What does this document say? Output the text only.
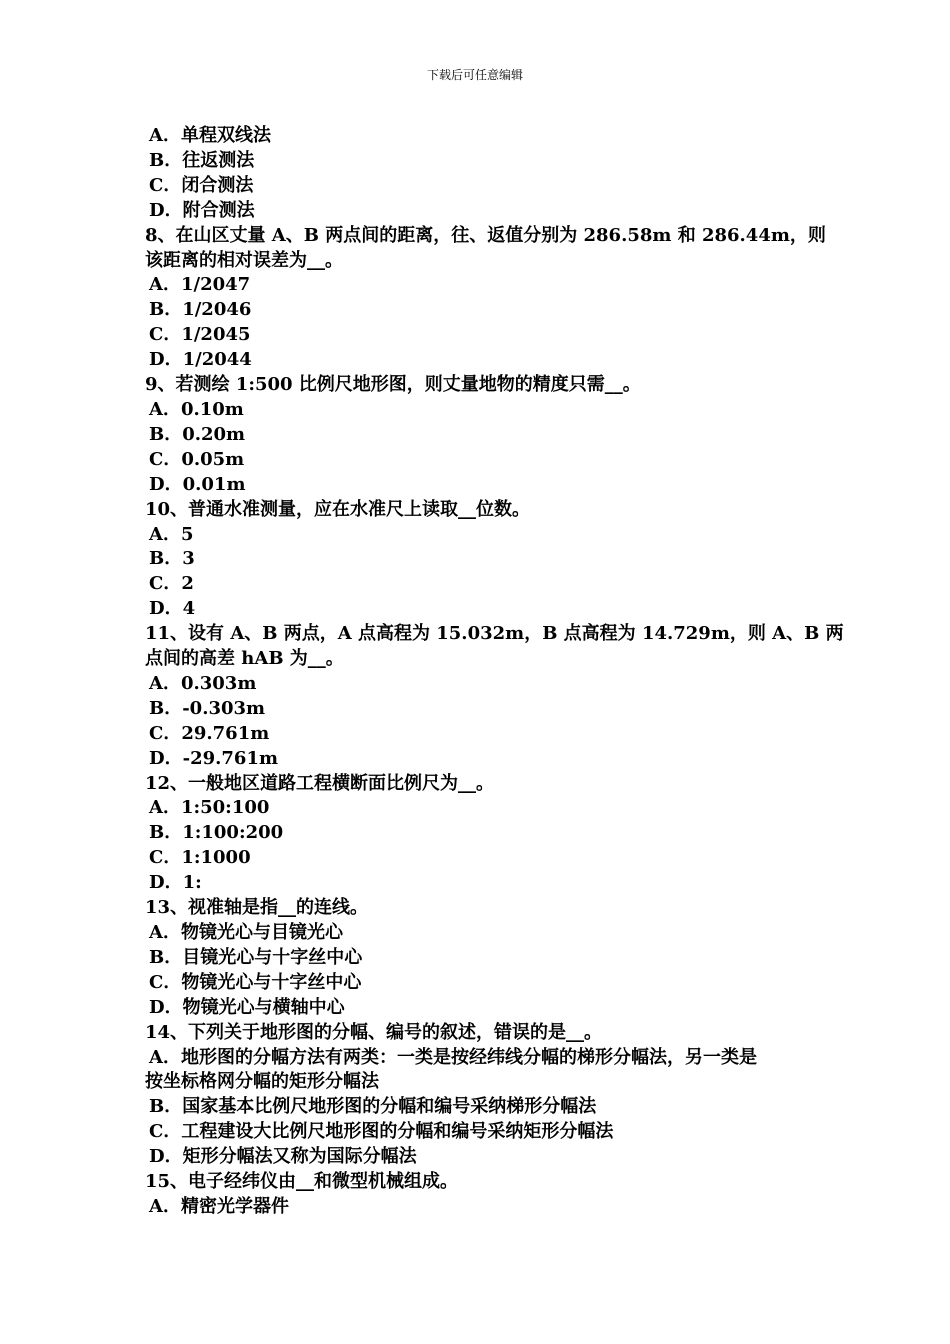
下载后可任意编辑
A．单程双线法
B．往返测法
C．闭合测法
D．附合测法
8、在山区丈量 A、B 两点间的距离，往、返值分别为 286.58m 和 286.44m，则
该距离的相对误差为__。
A．1/2047
B．1/2046
C．1/2045
D．1/2044
9、若测绘 1:500 比例尺地形图，则丈量地物的精度只需__。
A．0.10m
B．0.20m
C．0.05m
D．0.01m
10、普通水准测量，应在水准尺上读取__位数。
A．5
B．3
C．2
D．4
11、设有 A、B 两点，A 点高程为 15.032m，B 点高程为 14.729m，则 A、B 两
点间的高差 hAB 为__。
A．0.303m
B．-0.303m
C．29.761m
D．-29.761m
12、一般地区道路工程横断面比例尺为__。
A．1:50:100
B．1:100:200
C．1:1000
D．1:
13、视准轴是指__的连线。
A．物镜光心与目镜光心
B．目镜光心与十字丝中心
C．物镜光心与十字丝中心
D．物镜光心与横轴中心
14、下列关于地形图的分幅、编号的叙述，错误的是__。
A．地形图的分幅方法有两类：一类是按经纬线分幅的梯形分幅法，另一类是
按坐标格网分幅的矩形分幅法
B．国家基本比例尺地形图的分幅和编号采纳梯形分幅法
C．工程建设大比例尺地形图的分幅和编号采纳矩形分幅法
D．矩形分幅法又称为国际分幅法
15、电子经纬仪由__和微型机械组成。
A．精密光学器件
